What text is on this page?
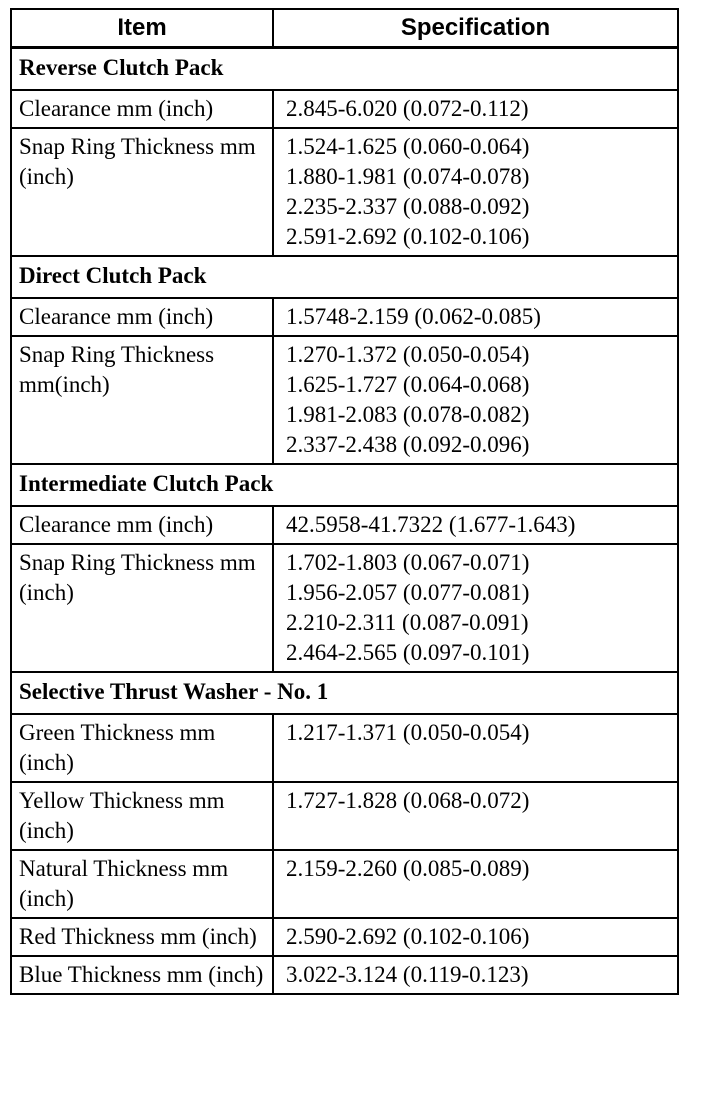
Item	Specification
Reverse Clutch Pack	

Clearance mm (inch)	2.845-6.020 (0.072-0.112)

Snap Ring Thickness mm (inch)	1.524-1.625 (0.060-0.064)
1.880-1.981 (0.074-0.078)
2.235-2.337 (0.088-0.092)
2.591-2.692 (0.102-0.106)

Direct Clutch Pack	

Clearance mm (inch)	1.5748-2.159 (0.062-0.085)

Snap Ring Thickness mm(inch)	1.270-1.372 (0.050-0.054)
1.625-1.727 (0.064-0.068)
1.981-2.083 (0.078-0.082)
2.337-2.438 (0.092-0.096)

Intermediate Clutch Pack	

Clearance mm (inch)	42.5958-41.7322 (1.677-1.643)

Snap Ring Thickness mm (inch)	1.702-1.803 (0.067-0.071)
1.956-2.057 (0.077-0.081)
2.210-2.311 (0.087-0.091)
2.464-2.565 (0.097-0.101)

Selective Thrust Washer - No. 1	

Green Thickness mm (inch)	1.217-1.371 (0.050-0.054)

Yellow Thickness mm (inch)	1.727-1.828 (0.068-0.072)

Natural Thickness mm (inch)	2.159-2.260 (0.085-0.089)

Red Thickness mm (inch)	2.590-2.692 (0.102-0.106)

Blue Thickness mm (inch)	3.022-3.124 (0.119-0.123)
